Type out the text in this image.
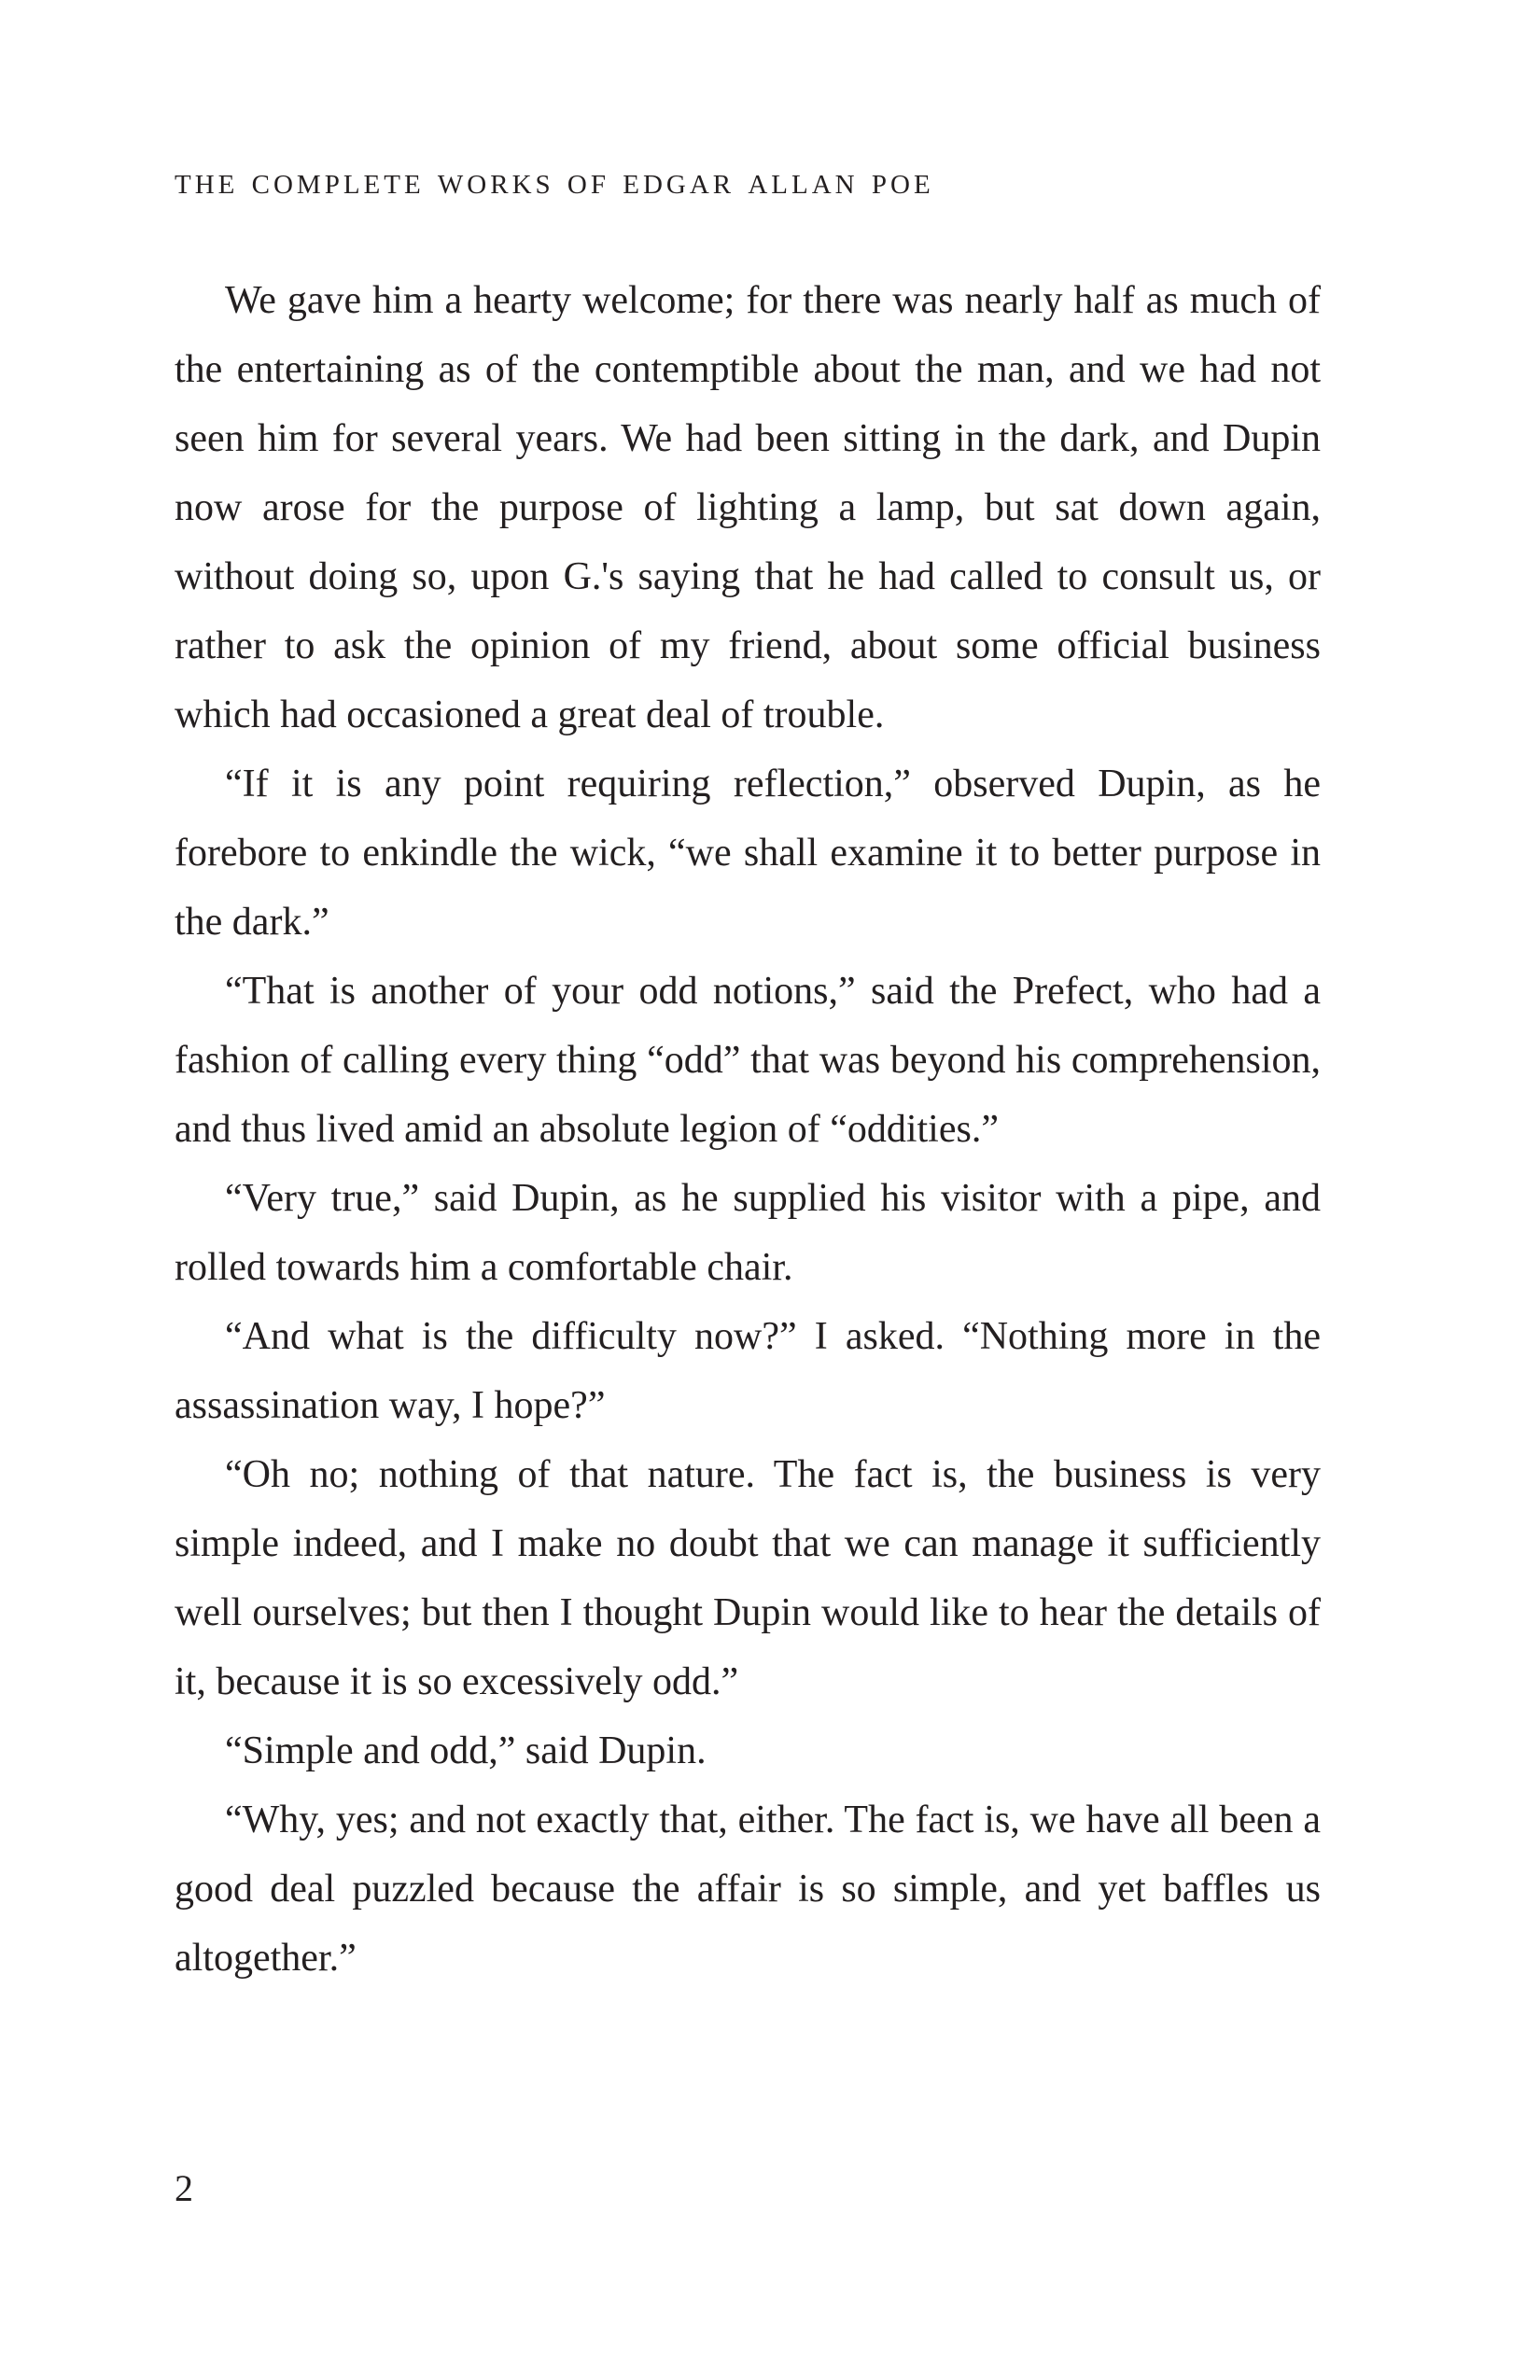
the complete works of edgar allan poe

We gave him a hearty welcome; for there was nearly half as much of the entertaining as of the contemptible about the man, and we had not seen him for several years. We had been sitting in the dark, and Dupin now arose for the purpose of lighting a lamp, but sat down again, without doing so, upon G.'s saying that he had called to consult us, or rather to ask the opinion of my friend, about some official business which had occasioned a great deal of trouble.

“If it is any point requiring reflection,” observed Dupin, as he forebore to enkindle the wick, “we shall examine it to better purpose in the dark.”

“That is another of your odd notions,” said the Prefect, who had a fashion of calling every thing “odd” that was beyond his comprehension, and thus lived amid an absolute legion of “oddities.”

“Very true,” said Dupin, as he supplied his visitor with a pipe, and rolled towards him a comfortable chair.

“And what is the difficulty now?” I asked. “Nothing more in the assassination way, I hope?”

“Oh no; nothing of that nature. The fact is, the business is very simple indeed, and I make no doubt that we can manage it sufficiently well ourselves; but then I thought Dupin would like to hear the details of it, because it is so excessively odd.”

“Simple and odd,” said Dupin.

“Why, yes; and not exactly that, either. The fact is, we have all been a good deal puzzled because the affair is so simple, and yet baffles us altogether.”

2
